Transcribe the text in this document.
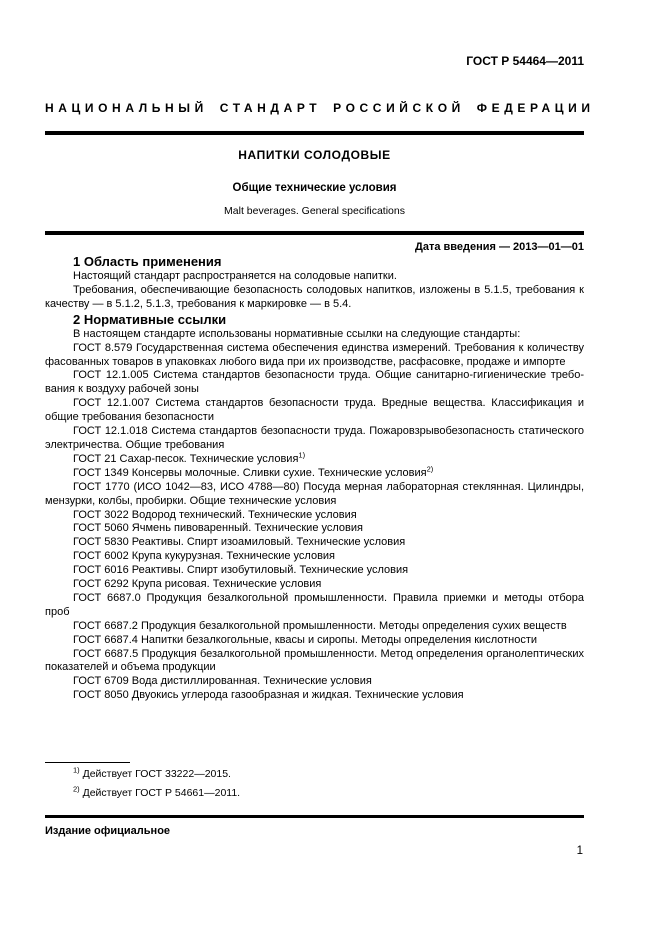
ГОСТ Р 54464—2011
НАЦИОНАЛЬНЫЙ СТАНДАРТ РОССИЙСКОЙ ФЕДЕРАЦИИ
НАПИТКИ СОЛОДОВЫЕ
Общие технические условия
Malt beverages. General specifications
Дата введения — 2013—01—01
1 Область применения

Настоящий стандарт распространяется на солодовые напитки.

Требования, обеспечивающие безопасность солодовых напитков, изложены в 5.1.5, требования к качеству — в 5.1.2, 5.1.3, требования к маркировке — в 5.4.

2 Нормативные ссылки

В настоящем стандарте использованы нормативные ссылки на следующие стандарты:

ГОСТ 8.579 Государственная система обеспечения единства измерений. Требования к количеству фасованных товаров в упаковках любого вида при их производстве, расфасовке, продаже и импорте

ГОСТ 12.1.005 Система стандартов безопасности труда. Общие санитарно-гигиенические требования к воздуху рабочей зоны

ГОСТ 12.1.007 Система стандартов безопасности труда. Вредные вещества. Классификация и общие требования безопасности

ГОСТ 12.1.018 Система стандартов безопасности труда. Пожаровзрывобезопасность статического электричества. Общие требования

ГОСТ 21 Сахар-песок. Технические условия$^{1)}$

ГОСТ 1349 Консервы молочные. Сливки сухие. Технические условия$^{2)}$

ГОСТ 1770 (ИСО 1042—83, ИСО 4788—80) Посуда мерная лабораторная стеклянная. Цилиндры, мензурки, колбы, пробирки. Общие технические условия

ГОСТ 3022 Водород технический. Технические условия

ГОСТ 5060 Ячмень пивоваренный. Технические условия

ГОСТ 5830 Реактивы. Спирт изоамиловый. Технические условия

ГОСТ 6002 Крупа кукурузная. Технические условия

ГОСТ 6016 Реактивы. Спирт изобутиловый. Технические условия

ГОСТ 6292 Крупа рисовая. Технические условия

ГОСТ 6687.0 Продукция безалкогольной промышленности. Правила приемки и методы отбора проб

ГОСТ 6687.2 Продукция безалкогольной промышленности. Методы определения сухих веществ

ГОСТ 6687.4 Напитки безалкогольные, квасы и сиропы. Методы определения кислотности

ГОСТ 6687.5 Продукция безалкогольной промышленности. Метод определения органолептических показателей и объема продукции

ГОСТ 6709 Вода дистиллированная. Технические условия

ГОСТ 8050 Двуокись углерода газообразная и жидкая. Технические условия

$^{1)}$ Действует ГОСТ 33222—2015.

$^{2)}$ Действует ГОСТ Р 54661—2011.

Издание официальное
1
